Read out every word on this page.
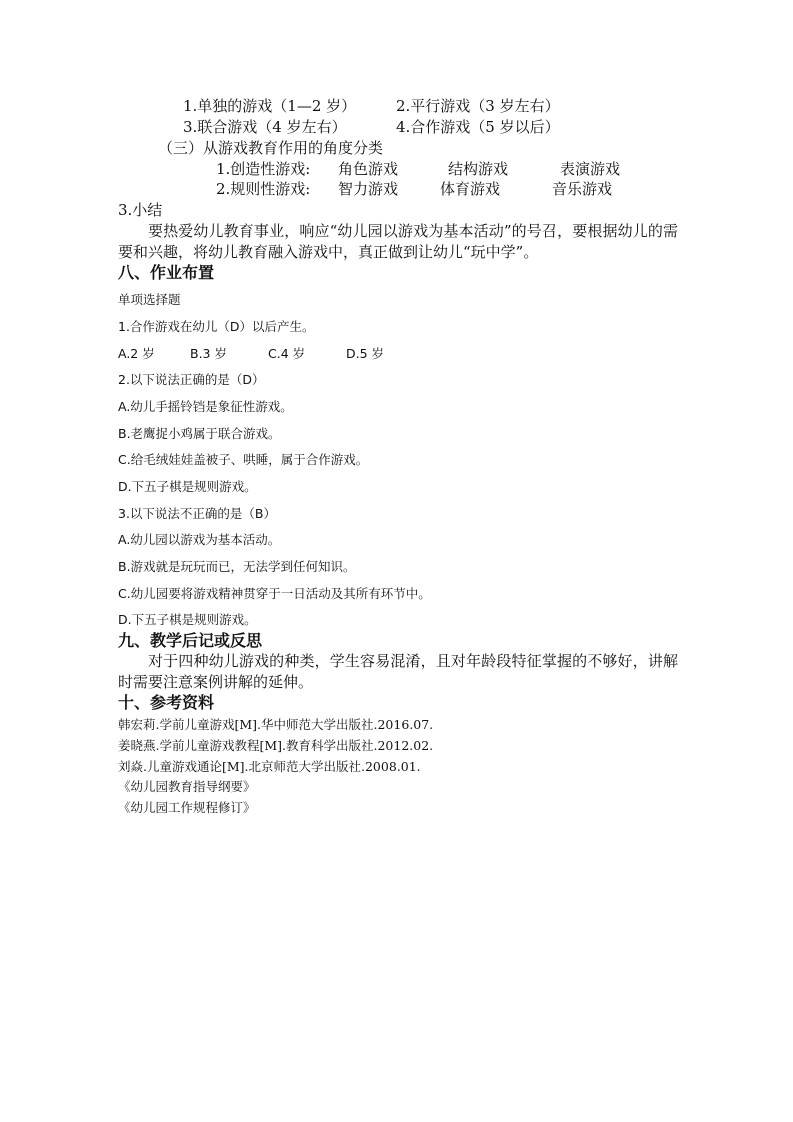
1.单独的游戏（1—2 岁）	2.平行游戏（3 岁左右）
3.联合游戏（4 岁左右）	4.合作游戏（5 岁以后）
（三）从游戏教育作用的角度分类
1.创造性游戏: 角色游戏	结构游戏	表演游戏
2.规则性游戏: 智力游戏	体育游戏	音乐游戏
3.小结
要热爱幼儿教育事业，响应“幼儿园以游戏为基本活动”的号召，要根据幼儿的需要和兴趣，将幼儿教育融入游戏中，真正做到让幼儿“玩中学”。
八、作业布置
单项选择题
1.合作游戏在幼儿（D）以后产生。
A.2 岁	B.3 岁	C.4 岁	D.5 岁
2.以下说法正确的是（D）
A.幼儿手摇铃铛是象征性游戏。
B.老鹰捉小鸡属于联合游戏。
C.给毛绒娃娃盖被子、哄睡，属于合作游戏。
D.下五子棋是规则游戏。
3.以下说法不正确的是（B）
A.幼儿园以游戏为基本活动。
B.游戏就是玩玩而已，无法学到任何知识。
C.幼儿园要将游戏精神贯穿于一日活动及其所有环节中。
D.下五子棋是规则游戏。
九、教学后记或反思
对于四种幼儿游戏的种类，学生容易混淆，且对年龄段特征掌握的不够好，讲解时需要注意案例讲解的延伸。
十、参考资料
韩宏莉.学前儿童游戏[M].华中师范大学出版社.2016.07.
姜晓燕.学前儿童游戏教程[M].教育科学出版社.2012.02.
刘焱.儿童游戏通论[M].北京师范大学出版社.2008.01.
《幼儿园教育指导纲要》
《幼儿园工作规程修订》
